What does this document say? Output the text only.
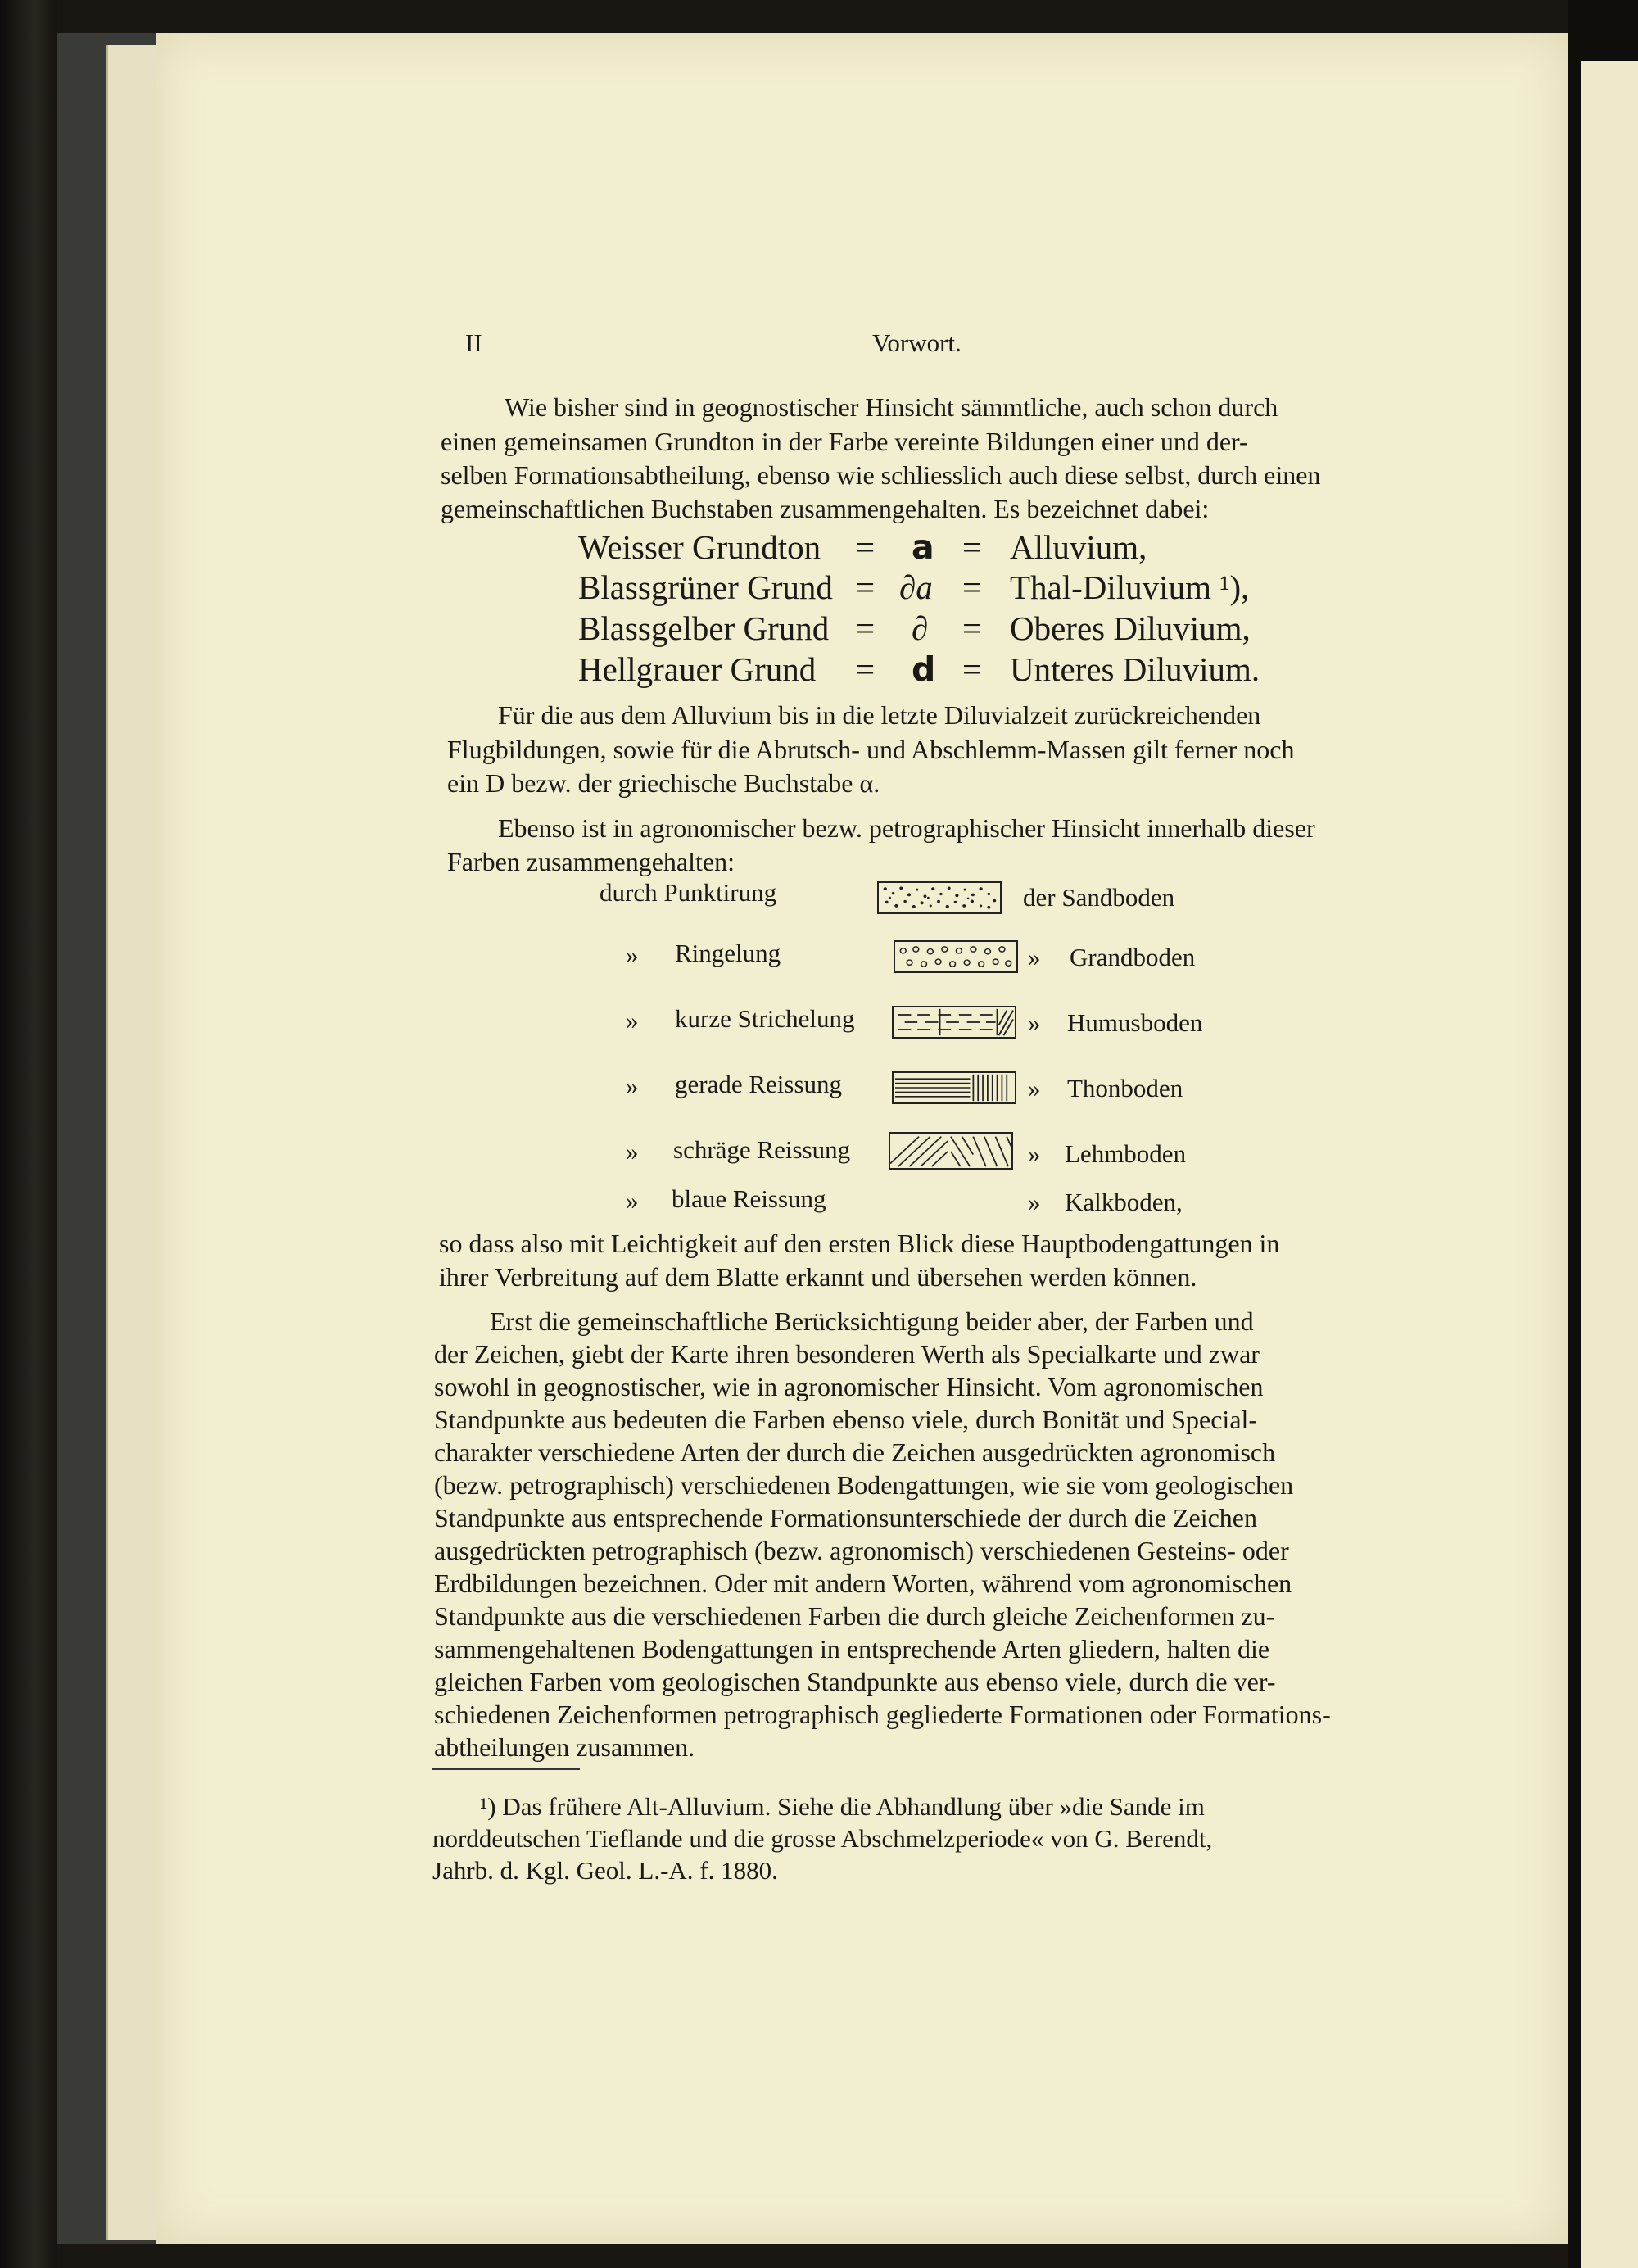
II	Vorwort.
Wie bisher sind in geognostischer Hinsicht sämmtliche, auch schon durch
einen gemeinsamen Grundton in der Farbe vereinte Bildungen einer und der-
selben Formationsabtheilung, ebenso wie schliesslich auch diese selbst, durch einen
gemeinschaftlichen Buchstaben zusammengehalten. Es bezeichnet dabei:
Weisser Grundton = a = Alluvium,
Blassgrüner Grund = ∂a = Thal-Diluvium ¹),
Blassgelber Grund = ∂ = Oberes Diluvium,
Hellgrauer Grund = d = Unteres Diluvium.
Für die aus dem Alluvium bis in die letzte Diluvialzeit zurückreichenden
Flugbildungen, sowie für die Abrutsch- und Abschlemm-Massen gilt ferner noch
ein D bezw. der griechische Buchstabe α.
Ebenso ist in agronomischer bezw. petrographischer Hinsicht innerhalb dieser
Farben zusammengehalten:
durch Punktirung	der Sandboden
» Ringelung	» Grandboden
» kurze Strichelung	» Humusboden
» gerade Reissung	» Thonboden
» schräge Reissung	» Lehmboden
» blaue Reissung	» Kalkboden,
so dass also mit Leichtigkeit auf den ersten Blick diese Hauptbodengattungen in
ihrer Verbreitung auf dem Blatte erkannt und übersehen werden können.
Erst die gemeinschaftliche Berücksichtigung beider aber, der Farben und
der Zeichen, giebt der Karte ihren besonderen Werth als Specialkarte und zwar
sowohl in geognostischer, wie in agronomischer Hinsicht. Vom agronomischen
Standpunkte aus bedeuten die Farben ebenso viele, durch Bonität und Special-
charakter verschiedene Arten der durch die Zeichen ausgedrückten agronomisch
(bezw. petrographisch) verschiedenen Bodengattungen, wie sie vom geologischen
Standpunkte aus entsprechende Formationsunterschiede der durch die Zeichen
ausgedrückten petrographisch (bezw. agronomisch) verschiedenen Gesteins- oder
Erdbildungen bezeichnen. Oder mit andern Worten, während vom agronomischen
Standpunkte aus die verschiedenen Farben die durch gleiche Zeichenformen zu-
sammengehaltenen Bodengattungen in entsprechende Arten gliedern, halten die
gleichen Farben vom geologischen Standpunkte aus ebenso viele, durch die ver-
schiedenen Zeichenformen petrographisch gegliederte Formationen oder Formations-
abtheilungen zusammen.
¹) Das frühere Alt-Alluvium. Siehe die Abhandlung über »die Sande im
norddeutschen Tieflande und die grosse Abschmelzperiode« von G. Berendt,
Jahrb. d. Kgl. Geol. L.-A. f. 1880.
